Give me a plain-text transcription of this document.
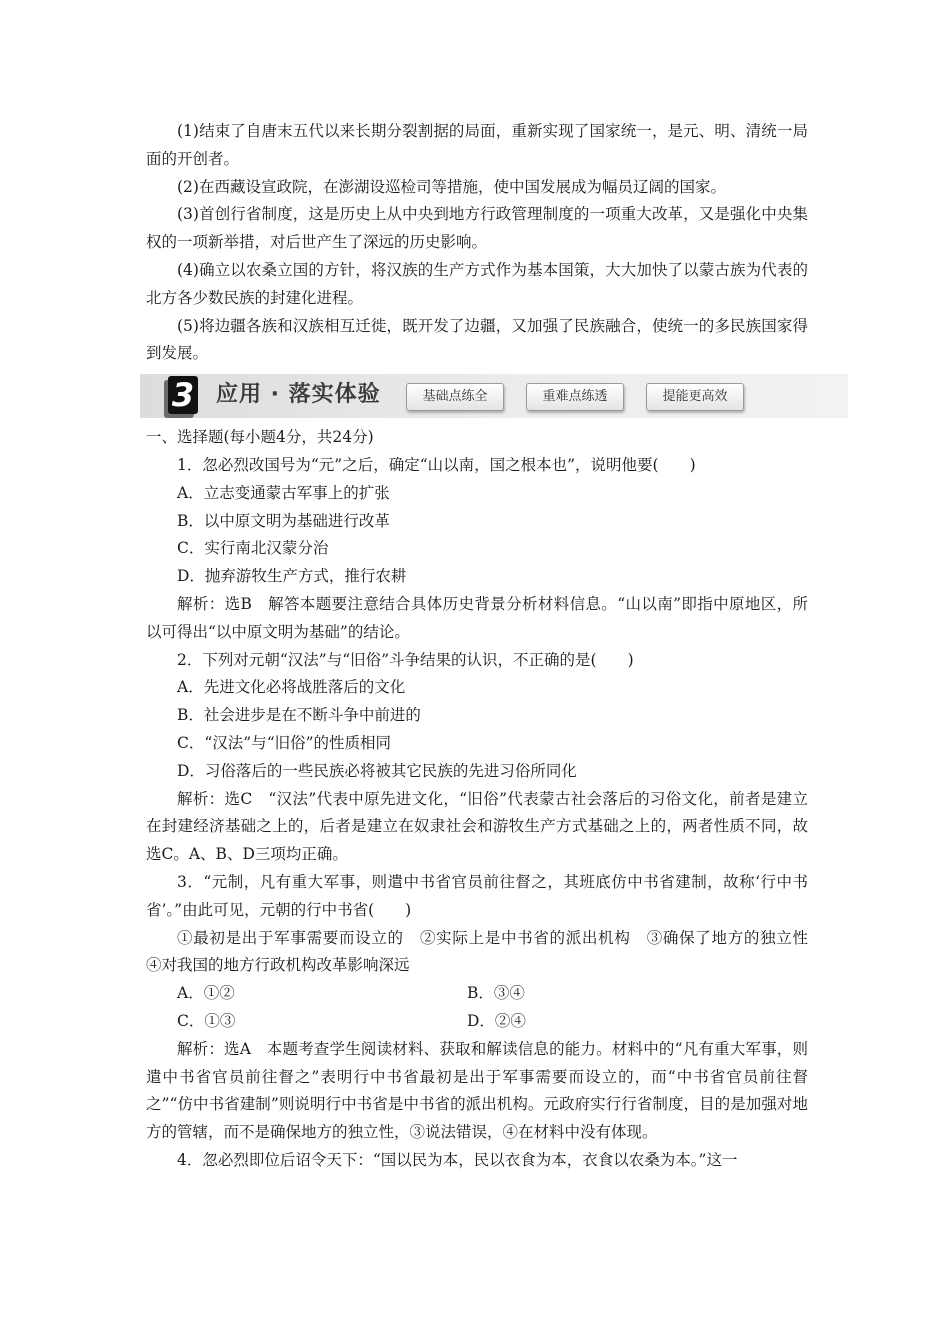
(1)结束了自唐末五代以来长期分裂割据的局面，重新实现了国家统一，是元、明、清统一局面的开创者。

(2)在西藏设宣政院，在澎湖设巡检司等措施，使中国发展成为幅员辽阔的国家。

(3)首创行省制度，这是历史上从中央到地方行政管理制度的一项重大改革，又是强化中央集权的一项新举措，对后世产生了深远的历史影响。

(4)确立以农桑立国的方针，将汉族的生产方式作为基本国策，大大加快了以蒙古族为代表的北方各少数民族的封建化进程。

(5)将边疆各族和汉族相互迁徙，既开发了边疆，又加强了民族融合，使统一的多民族国家得到发展。

3 应用 · 落实体验	基础点练全	重难点练透	提能更高效

一、选择题(每小题4分，共24分)

1．忽必烈改国号为“元”之后，确定“山以南，国之根本也”，说明他要(　　)

A．立志变通蒙古军事上的扩张

B．以中原文明为基础进行改革

C．实行南北汉蒙分治

D．抛弃游牧生产方式，推行农耕

解析：选B　解答本题要注意结合具体历史背景分析材料信息。“山以南”即指中原地区，所以可得出“以中原文明为基础”的结论。

2．下列对元朝“汉法”与“旧俗”斗争结果的认识，不正确的是(　　)

A．先进文化必将战胜落后的文化

B．社会进步是在不断斗争中前进的

C．“汉法”与“旧俗”的性质相同

D．习俗落后的一些民族必将被其它民族的先进习俗所同化

解析：选C　“汉法”代表中原先进文化，“旧俗”代表蒙古社会落后的习俗文化，前者是建立在封建经济基础之上的，后者是建立在奴隶社会和游牧生产方式基础之上的，两者性质不同，故选C。A、B、D三项均正确。

3．“元制，凡有重大军事，则遣中书省官员前往督之，其班底仿中书省建制，故称‘行中书省’。”由此可见，元朝的行中书省(　　)

①最初是出于军事需要而设立的　②实际上是中书省的派出机构　③确保了地方的独立性　④对我国的地方行政机构改革影响深远

A．①②	B．③④
C．①③	D．②④

解析：选A　本题考查学生阅读材料、获取和解读信息的能力。材料中的“凡有重大军事，则遣中书省官员前往督之”表明行中书省最初是出于军事需要而设立的，而“中书省官员前往督之”“仿中书省建制”则说明行中书省是中书省的派出机构。元政府实行行省制度，目的是加强对地方的管辖，而不是确保地方的独立性，③说法错误，④在材料中没有体现。

4．忽必烈即位后诏令天下：“国以民为本，民以衣食为本，衣食以农桑为本。”这一
